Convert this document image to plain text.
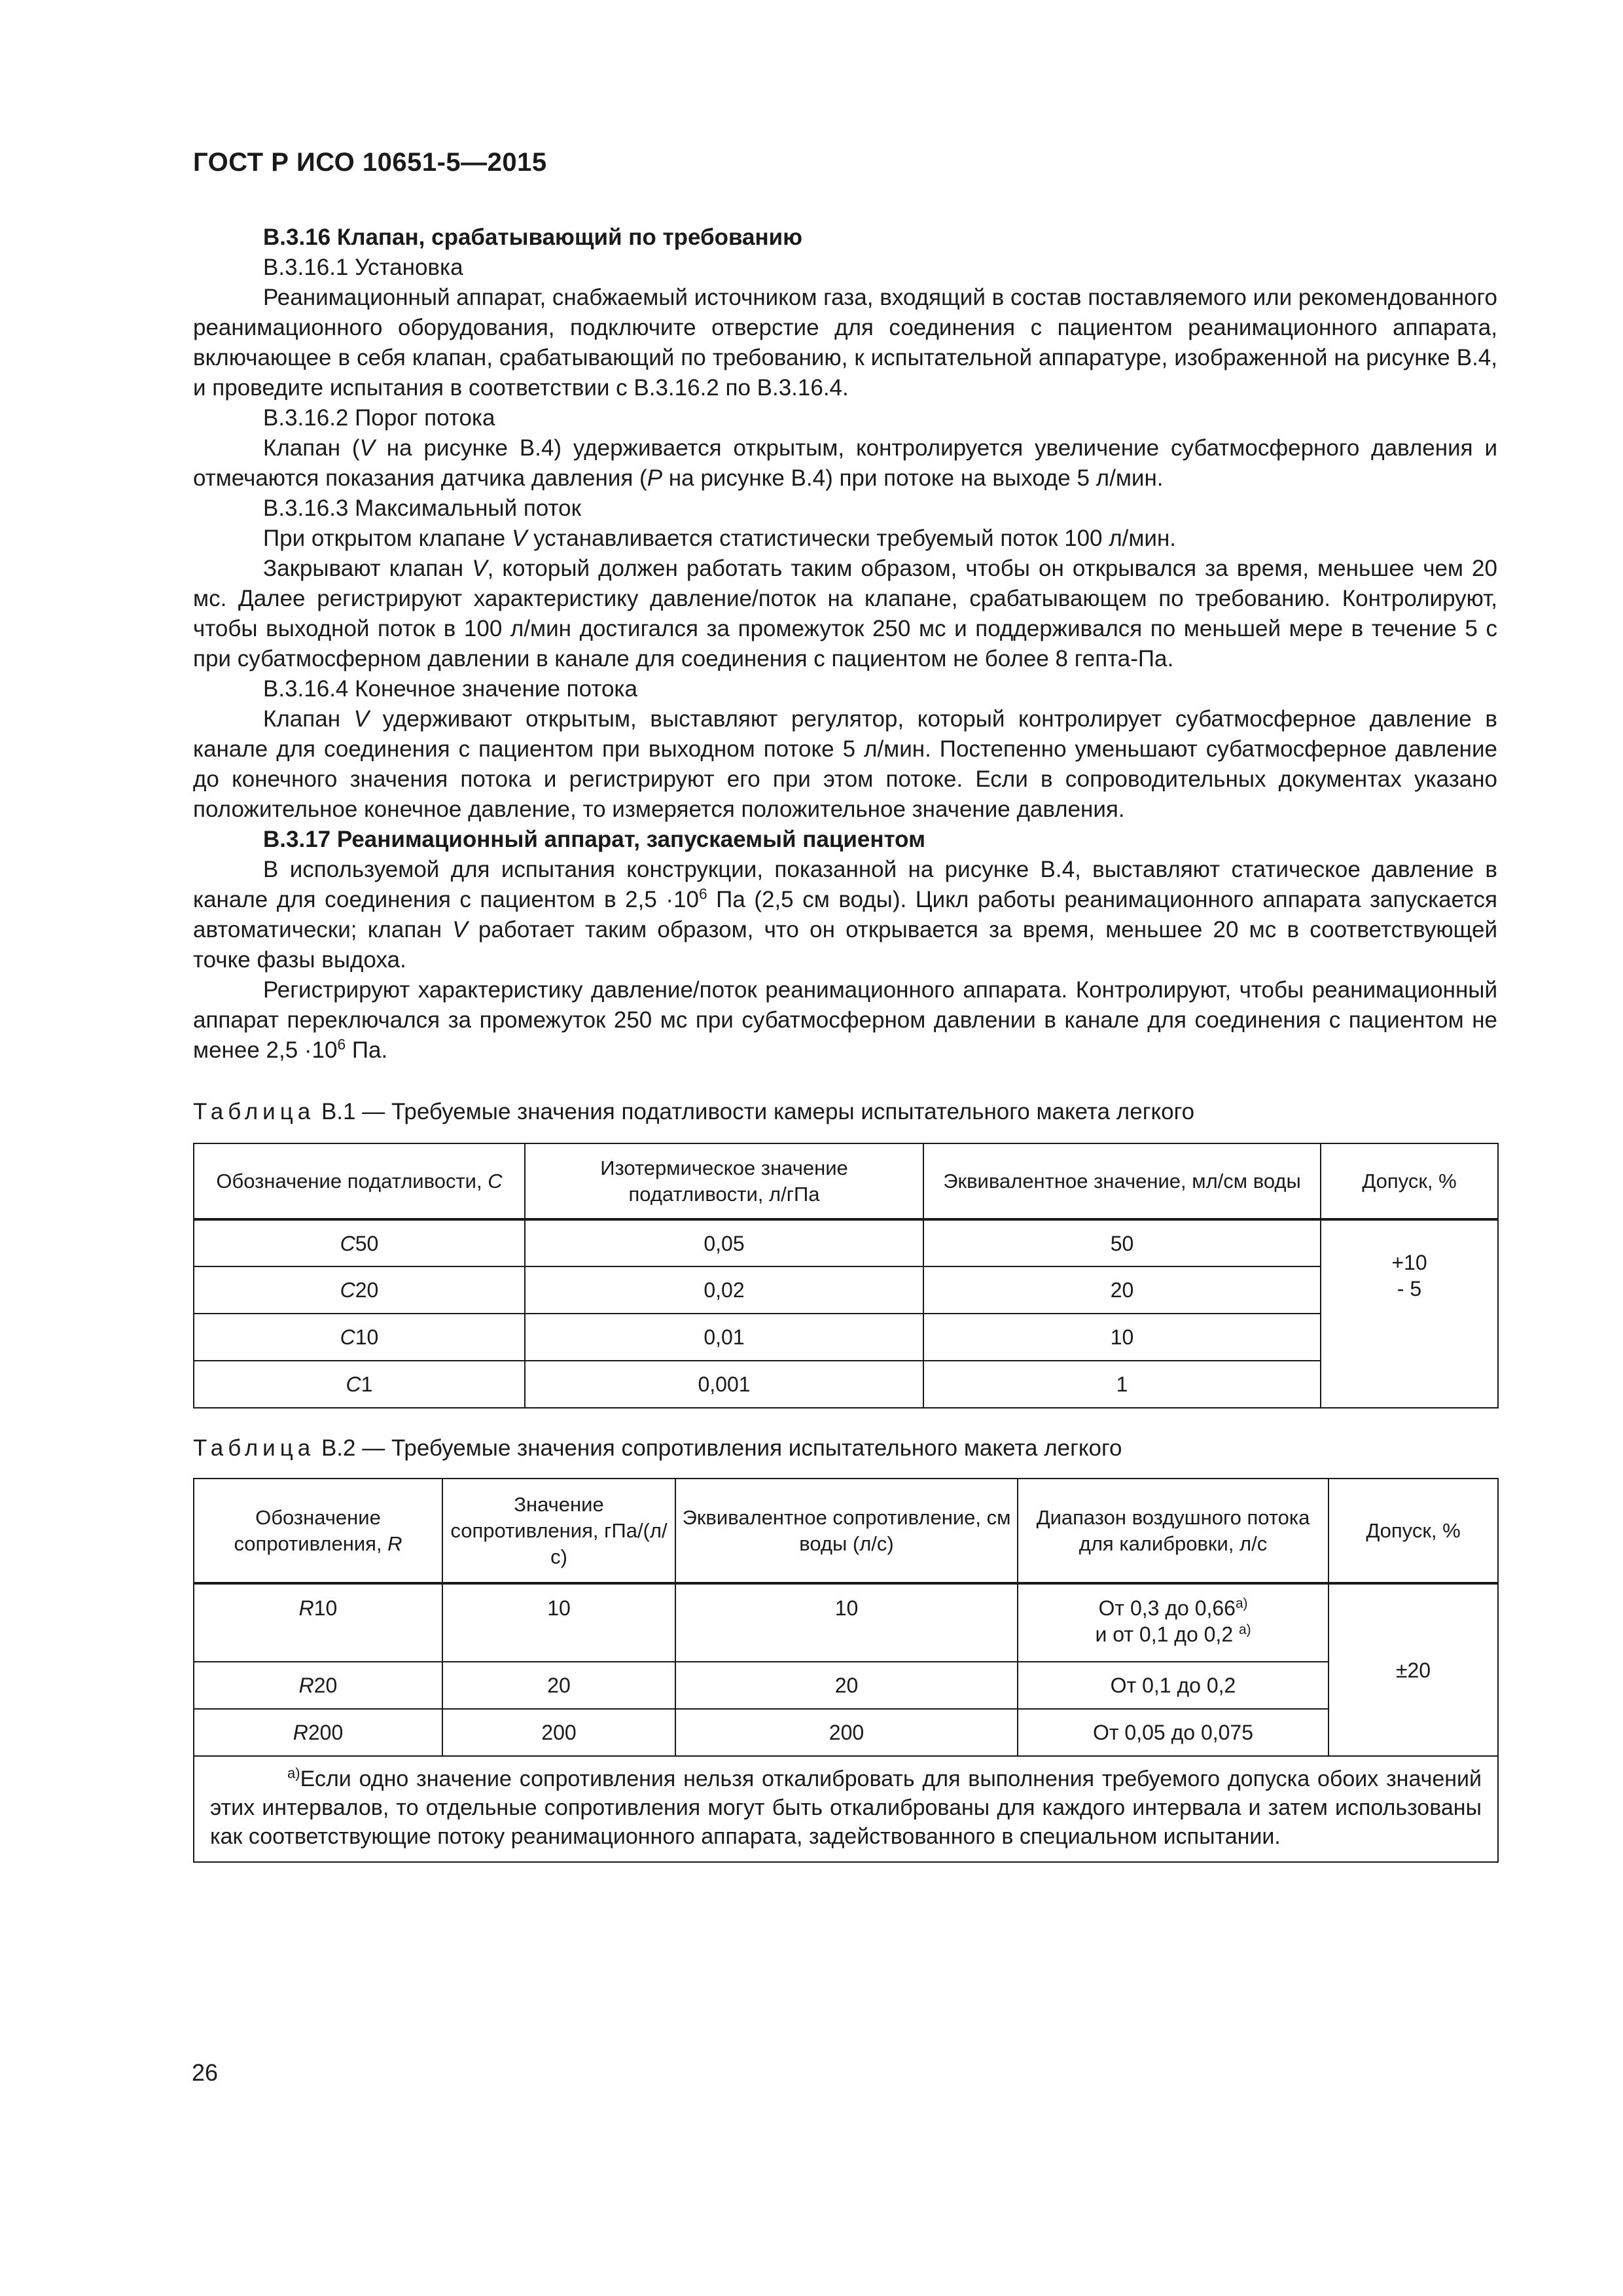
ГОСТ Р ИСО 10651-5—2015

В.3.16 Клапан, срабатывающий по требованию

В.3.16.1 Установка

Реанимационный аппарат, снабжаемый источником газа, входящий в состав поставляемого или рекомендованного реанимационного оборудования, подключите отверстие для соединения с пациентом реанимационного аппарата, включающее в себя клапан, срабатывающий по требованию, к испытательной аппаратуре, изображенной на рисунке В.4, и проведите испытания в соответствии с В.3.16.2 по В.3.16.4.

В.3.16.2 Порог потока

Клапан (V на рисунке В.4) удерживается открытым, контролируется увеличение субатмосферного давления и отмечаются показания датчика давления (P на рисунке В.4) при потоке на выходе 5 л/мин.

В.3.16.3 Максимальный поток

При открытом клапане V устанавливается статистически требуемый поток 100 л/мин.

Закрывают клапан V, который должен работать таким образом, чтобы он открывался за время, меньшее чем 20 мс. Далее регистрируют характеристику давление/поток на клапане, срабатывающем по требованию. Контролируют, чтобы выходной поток в 100 л/мин достигался за промежуток 250 мс и поддерживался по меньшей мере в течение 5 с при субатмосферном давлении в канале для соединения с пациентом не более 8 гепта-Па.

В.3.16.4 Конечное значение потока

Клапан V удерживают открытым, выставляют регулятор, который контролирует субатмосферное давление в канале для соединения с пациентом при выходном потоке 5 л/мин. Постепенно уменьшают субатмосферное давление до конечного значения потока и регистрируют его при этом потоке. Если в сопроводительных документах указано положительное конечное давление, то измеряется положительное значение давления.

В.3.17 Реанимационный аппарат, запускаемый пациентом

В используемой для испытания конструкции, показанной на рисунке В.4, выставляют статическое давление в канале для соединения с пациентом в $2,5 \cdot 10^6$ Па (2,5 см воды). Цикл работы реанимационного аппарата запускается автоматически; клапан V работает таким образом, что он открывается за время, меньшее 20 мс в соответствующей точке фазы выдоха.

Регистрируют характеристику давление/поток реанимационного аппарата. Контролируют, чтобы реанимационный аппарат переключался за промежуток 250 мс при субатмосферном давлении в канале для соединения с пациентом не менее $2,5 \cdot 10^6$ Па.

Таблица В.1 — Требуемые значения податливости камеры испытательного макета легкого

Обозначение податливости, C	Изотермическое значение податливости, л/гПа	Эквивалентное значение, мл/см воды	Допуск, %
C50	0,05	50	+10
- 5
C20	0,02	20	
C10	0,01	10	
C1	0,001	1	

Таблица В.2 — Требуемые значения сопротивления испытательного макета легкого

Обозначение сопротивления, R	Значение сопротивления, гПа/(л/с)	Эквивалентное сопротивление, см воды (л/с)	Диапазон воздушного потока для калибровки, л/с	Допуск, %
R10	10	10	От 0,3 до $0,66^{а)}$
и от 0,1 до 0,2 $^{а)}$	±20
R20	20	20	От 0,1 до 0,2	
R200	200	200	От 0,05 до 0,075	
$^{а)}$Если одно значение сопротивления нельзя откалибровать для выполнения требуемого допуска обоих значений этих интервалов, то отдельные сопротивления могут быть откалиброваны для каждого интервала и затем использованы как соответствующие потоку реанимационного аппарата, задействованного в специальном испытании.				
26
